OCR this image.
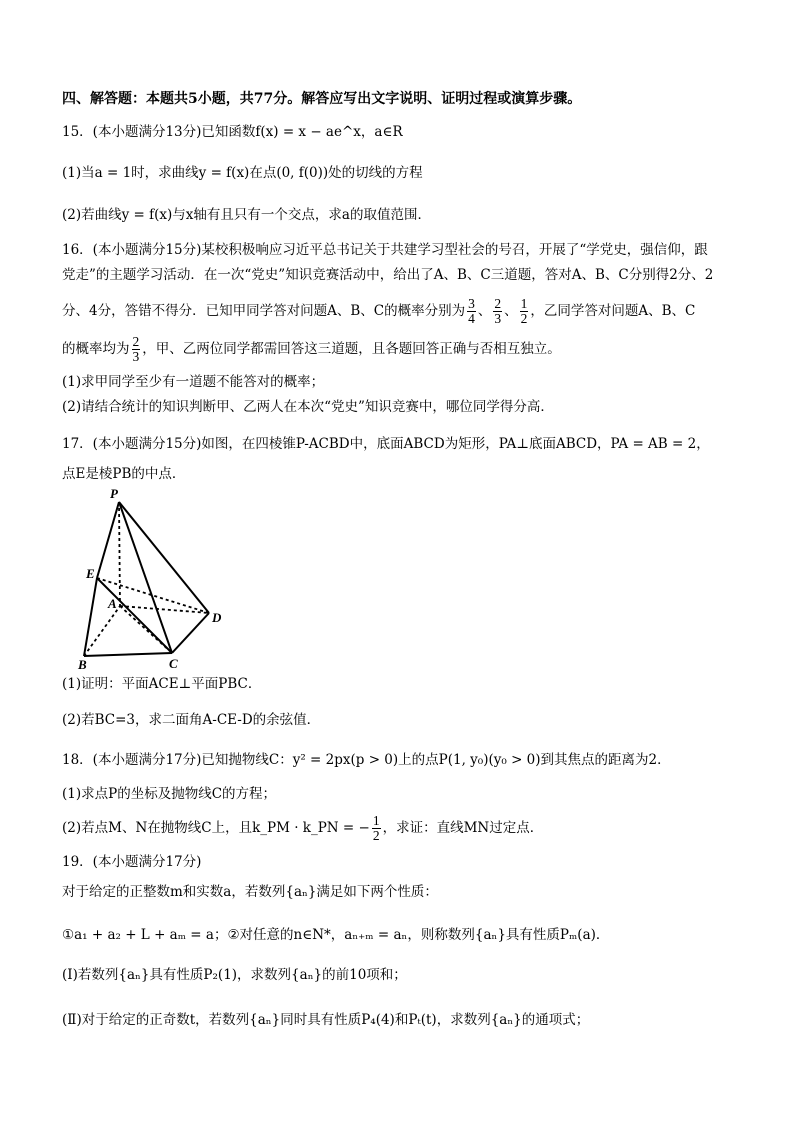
四、解答题：本题共5小题，共77分。解答应写出文字说明、证明过程或演算步骤。
15．(本小题满分13分)已知函数f(x) = x − ae^x，a∈R
(1)当a = 1时，求曲线y = f(x)在点(0, f(0))处的切线的方程
(2)若曲线y = f(x)与x轴有且只有一个交点，求a的取值范围．
16．(本小题满分15分)某校积极响应习近平总书记关于共建学习型社会的号召，开展了“学党史，强信仰，跟
党走”的主题学习活动．在一次“党史”知识竞赛活动中，给出了A、B、C三道题，答对A、B、C分别得2分、2
分、4分，答错不得分．已知甲同学答对问题A、B、C的概率分别为 $\frac{3}{4}$ 、 $\frac{2}{3}$ 、 $\frac{1}{2}$ ，乙同学答对问题A、B、C
的概率均为 $\frac{2}{3}$ ，甲、乙两位同学都需回答这三道题，且各题回答正确与否相互独立。
(1)求甲同学至少有一道题不能答对的概率；
(2)请结合统计的知识判断甲、乙两人在本次“党史”知识竞赛中，哪位同学得分高．
17．(本小题满分15分)如图，在四棱锥P-ACBD中，底面ABCD为矩形，PA⊥底面ABCD，PA = AB = 2，
点E是棱PB的中点．
P
E
A
D
B	C
(1)证明：平面ACE⊥平面PBC．
(2)若BC=3，求二面角A-CE-D的余弦值．
18．(本小题满分17分)已知抛物线C：y² = 2px(p > 0)上的点P(1, y₀)(y₀ > 0)到其焦点的距离为2．
(1)求点P的坐标及抛物线C的方程；
(2)若点M、N在抛物线C上，且k_PM · k_PN = − $\frac{1}{2}$ ，求证：直线MN过定点．
19．(本小题满分17分)
对于给定的正整数m和实数a，若数列{aₙ}满足如下两个性质：
①a₁ + a₂ + L + aₘ = a；②对任意的n∈N*，aₙ₊ₘ = aₙ，则称数列{aₙ}具有性质Pₘ(a)．
(Ⅰ)若数列{aₙ}具有性质P₂(1)，求数列{aₙ}的前10项和；
(Ⅱ)对于给定的正奇数t，若数列{aₙ}同时具有性质P₄(4)和Pₜ(t)，求数列{aₙ}的通项式；
